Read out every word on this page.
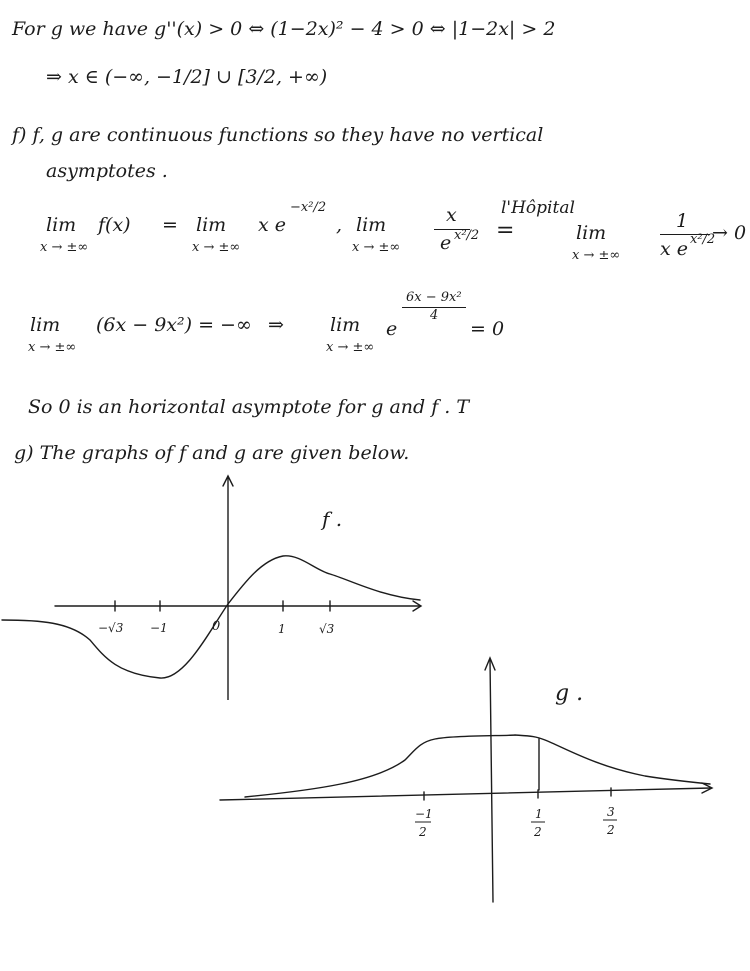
For g we have g''(x) > 0 ⇔ (1−2x)² − 4 > 0 ⇔ |1−2x| > 2
⇒ x ∈ (−∞, −1/2] ∪ [3/2, +∞)
f) f, g are continuous functions so they have no vertical
asymptotes .
lim
x → ±∞
f(x) = lim
x → ±∞
x e
−x²/2
, lim
x → ±∞
x
e x²/2 =
l'Hôpital
lim
x → ±∞
1
x e x²/2
→ 0
lim
x → ±∞
(6x − 9x²) = −∞ ⇒ lim
x → ±∞
e
6x − 9x²
4
= 0
So 0 is an horizontal asymptote for g and f . T
g) The graphs of f and g are given below.
f .
−√3 −1	0	1	√3
g .
−1
2
1
2
3
2
